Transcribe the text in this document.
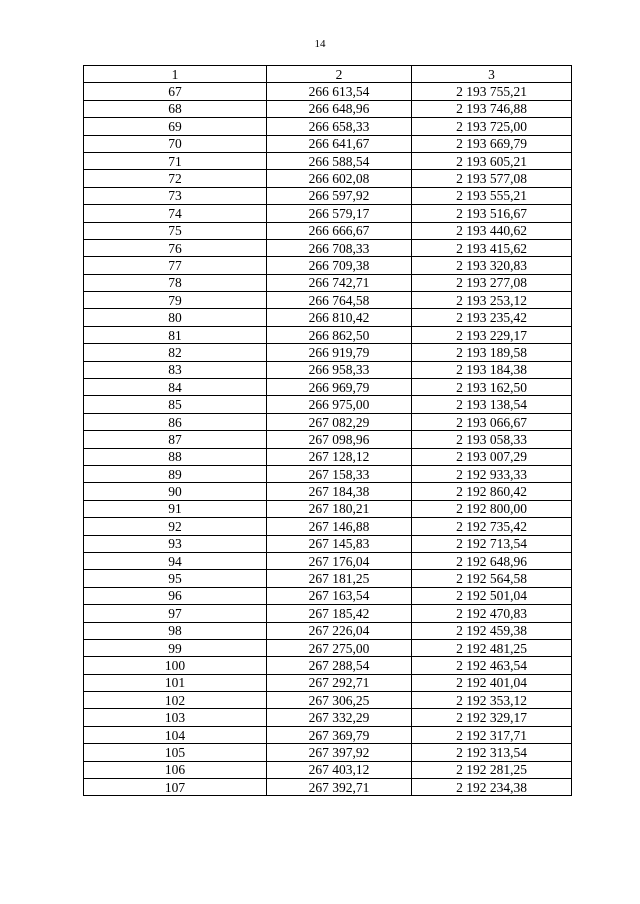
14
1	2	3
67	266 613,54	2 193 755,21
68	266 648,96	2 193 746,88
69	266 658,33	2 193 725,00
70	266 641,67	2 193 669,79
71	266 588,54	2 193 605,21
72	266 602,08	2 193 577,08
73	266 597,92	2 193 555,21
74	266 579,17	2 193 516,67
75	266 666,67	2 193 440,62
76	266 708,33	2 193 415,62
77	266 709,38	2 193 320,83
78	266 742,71	2 193 277,08
79	266 764,58	2 193 253,12
80	266 810,42	2 193 235,42
81	266 862,50	2 193 229,17
82	266 919,79	2 193 189,58
83	266 958,33	2 193 184,38
84	266 969,79	2 193 162,50
85	266 975,00	2 193 138,54
86	267 082,29	2 193 066,67
87	267 098,96	2 193 058,33
88	267 128,12	2 193 007,29
89	267 158,33	2 192 933,33
90	267 184,38	2 192 860,42
91	267 180,21	2 192 800,00
92	267 146,88	2 192 735,42
93	267 145,83	2 192 713,54
94	267 176,04	2 192 648,96
95	267 181,25	2 192 564,58
96	267 163,54	2 192 501,04
97	267 185,42	2 192 470,83
98	267 226,04	2 192 459,38
99	267 275,00	2 192 481,25
100	267 288,54	2 192 463,54
101	267 292,71	2 192 401,04
102	267 306,25	2 192 353,12
103	267 332,29	2 192 329,17
104	267 369,79	2 192 317,71
105	267 397,92	2 192 313,54
106	267 403,12	2 192 281,25
107	267 392,71	2 192 234,38
